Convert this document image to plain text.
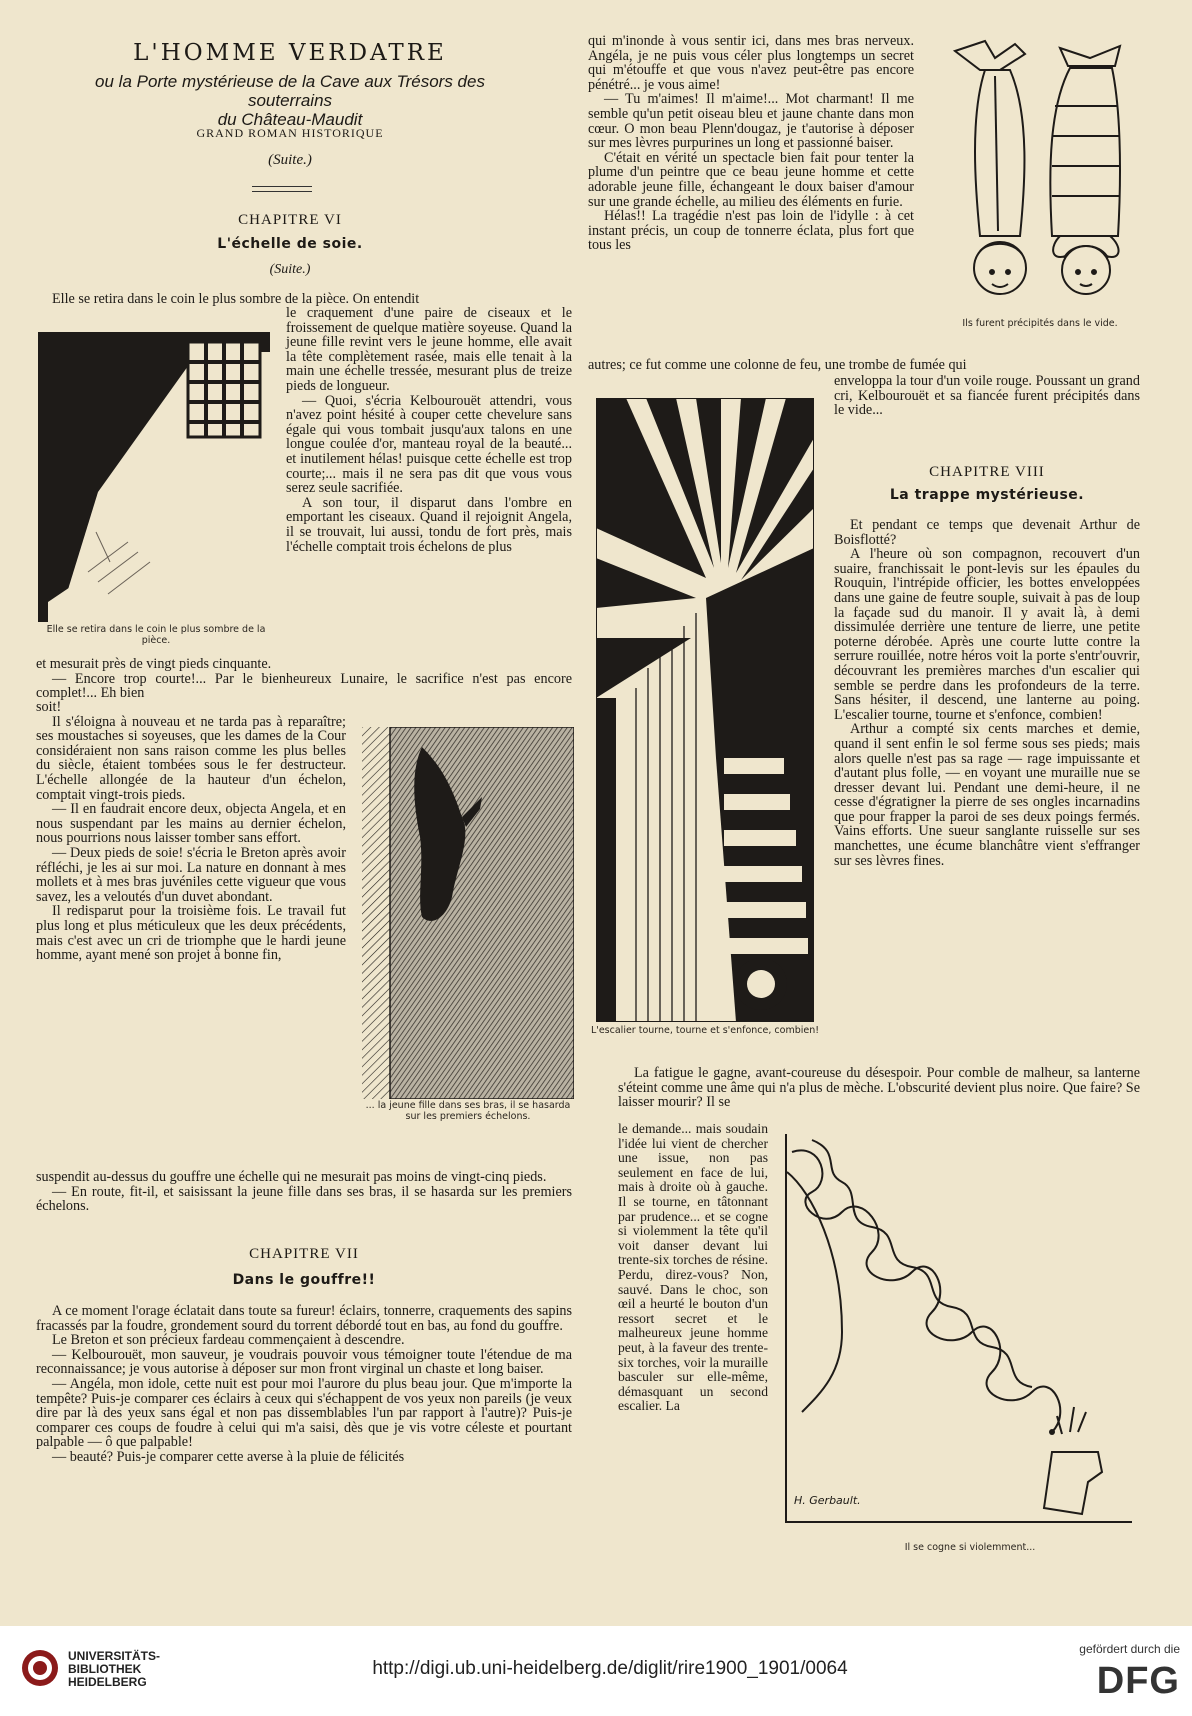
L'HOMME VERDATRE
ou la Porte mystérieuse de la Cave aux Trésors des souterrains
du Château-Maudit
GRAND ROMAN HISTORIQUE
(Suite.)
CHAPITRE VI
L'échelle de soie.
(Suite.)

Elle se retira dans le coin le plus sombre de la pièce. On entendit

Elle se retira dans le coin le plus sombre de la pièce.

le craquement d'une paire de ciseaux et le froissement de quelque matière soyeuse. Quand la jeune fille revint vers le jeune homme, elle avait la tête complètement rasée, mais elle tenait à la main une échelle tressée, mesurant plus de treize pieds de longueur.

— Quoi, s'écria Kelbourouët attendri, vous n'avez point hésité à couper cette chevelure sans égale qui vous tombait jusqu'aux talons en une longue coulée d'or, manteau royal de la beauté... et inutilement hélas! puisque cette échelle est trop courte;... mais il ne sera pas dit que vous vous serez seule sacrifiée.

A son tour, il disparut dans l'ombre en emportant les ciseaux. Quand il rejoignit Angela, il se trouvait, lui aussi, tondu de fort près, mais l'échelle comptait trois échelons de plus

et mesurait près de vingt pieds cinquante.

— Encore trop courte!... Par le bienheureux Lunaire, le sacrifice n'est pas encore complet!... Eh bien

soit!

Il s'éloigna à nouveau et ne tarda pas à reparaître; ses moustaches si soyeuses, que les dames de la Cour considéraient non sans raison comme les plus belles du siècle, étaient tombées sous le fer destructeur. L'échelle allongée de la hauteur d'un échelon, comptait vingt-trois pieds.

— Il en faudrait encore deux, objecta Angela, et en nous suspendant par les mains au dernier échelon, nous pourrions nous laisser tomber sans effort.

— Deux pieds de soie! s'écria le Breton après avoir réfléchi, je les ai sur moi. La nature en donnant à mes mollets et à mes bras juvéniles cette vigueur que vous savez, les a veloutés d'un duvet abondant.

Il redisparut pour la troisième fois. Le travail fut plus long et plus méticuleux que les deux précédents, mais c'est avec un cri de triomphe que le hardi jeune homme, ayant mené son projet à bonne fin,

... la jeune fille dans ses bras, il se hasarda sur les premiers échelons.

suspendit au-dessus du gouffre une échelle qui ne mesurait pas moins de vingt-cinq pieds.

— En route, fit-il, et saisissant la jeune fille dans ses bras, il se hasarda sur les premiers échelons.

CHAPITRE VII
Dans le gouffre!!

A ce moment l'orage éclatait dans toute sa fureur! éclairs, tonnerre, craquements des sapins fracassés par la foudre, grondement sourd du torrent débordé tout en bas, au fond du gouffre.

Le Breton et son précieux fardeau commençaient à descendre.

— Kelbourouët, mon sauveur, je voudrais pouvoir vous témoigner toute l'étendue de ma reconnaissance; je vous autorise à déposer sur mon front virginal un chaste et long baiser.

— Angéla, mon idole, cette nuit est pour moi l'aurore du plus beau jour. Que m'importe la tempête? Puis-je comparer ces éclairs à ceux qui s'échappent de vos yeux non pareils (je veux dire par là des yeux sans égal et non pas dissemblables l'un par rapport à l'autre)? Puis-je comparer ces coups de foudre à celui qui m'a saisi, dès que je vis votre céleste et pourtant palpable — ô que palpable!

— beauté? Puis-je comparer cette averse à la pluie de félicités

qui m'inonde à vous sentir ici, dans mes bras nerveux. Angéla, je ne puis vous céler plus longtemps un secret qui m'étouffe et que vous n'avez peut-être pas encore pénétré... je vous aime!

— Tu m'aimes! Il m'aime!... Mot charmant! Il me semble qu'un petit oiseau bleu et jaune chante dans mon cœur. O mon beau Plenn'dougaz, je t'autorise à déposer sur mes lèvres purpurines un long et passionné baiser.

C'était en vérité un spectacle bien fait pour tenter la plume d'un peintre que ce beau jeune homme et cette adorable jeune fille, échangeant le doux baiser d'amour sur une grande échelle, au milieu des éléments en furie.

Hélas!! La tragédie n'est pas loin de l'idylle : à cet instant précis, un coup de tonnerre éclata, plus fort que tous les

Ils furent précipités dans le vide.

autres; ce fut comme une colonne de feu, une trombe de fumée qui

L'escalier tourne, tourne et s'enfonce, combien!

enveloppa la tour d'un voile rouge. Poussant un grand cri, Kelbourouët et sa fiancée furent précipités dans le vide...

CHAPITRE VIII
La trappe mystérieuse.

Et pendant ce temps que devenait Arthur de Boisflotté?

A l'heure où son compagnon, recouvert d'un suaire, franchissait le pont-levis sur les épaules du Rouquin, l'intrépide officier, les bottes enveloppées dans une gaine de feutre souple, suivait à pas de loup la façade sud du manoir. Il y avait là, à demi dissimulée derrière une tenture de lierre, une petite poterne dérobée. Après une courte lutte contre la serrure rouillée, notre héros voit la porte s'entr'ouvrir, découvrant les premières marches d'un escalier qui semble se perdre dans les profondeurs de la terre. Sans hésiter, il descend, une lanterne au poing. L'escalier tourne, tourne et s'enfonce, combien!

Arthur a compté six cents marches et demie, quand il sent enfin le sol ferme sous ses pieds; mais alors quelle n'est pas sa rage — rage impuissante et d'autant plus folle, — en voyant une muraille nue se dresser devant lui. Pendant une demi-heure, il ne cesse d'égratigner la pierre de ses ongles incarnadins que pour frapper la paroi de ses deux poings fermés. Vains efforts. Une sueur sanglante ruisselle sur ses manchettes, une écume blanchâtre vient s'effranger sur ses lèvres fines.

La fatigue le gagne, avant-coureuse du désespoir. Pour comble de malheur, sa lanterne s'éteint comme une âme qui n'a plus de mèche. L'obscurité devient plus noire. Que faire? Se laisser mourir? Il se

le demande... mais soudain l'idée lui vient de chercher une issue, non pas seulement en face de lui, mais à droite où à gauche. Il se tourne, en tâtonnant par prudence... et se cogne si violemment la tête qu'il voit danser devant lui trente-six torches de résine. Perdu, direz-vous? Non, sauvé. Dans le choc, son œil a heurté le bouton d'un ressort secret et le malheureux jeune homme peut, à la faveur des trente-six torches, voir la muraille basculer sur elle-même, démasquant un second escalier. La

H. Gerbault.
Il se cogne si violemment...
UNIVERSITÄTS-
BIBLIOTHEK
HEIDELBERG
http://digi.ub.uni-heidelberg.de/diglit/rire1900_1901/0064
gefördert durch die
DFG
